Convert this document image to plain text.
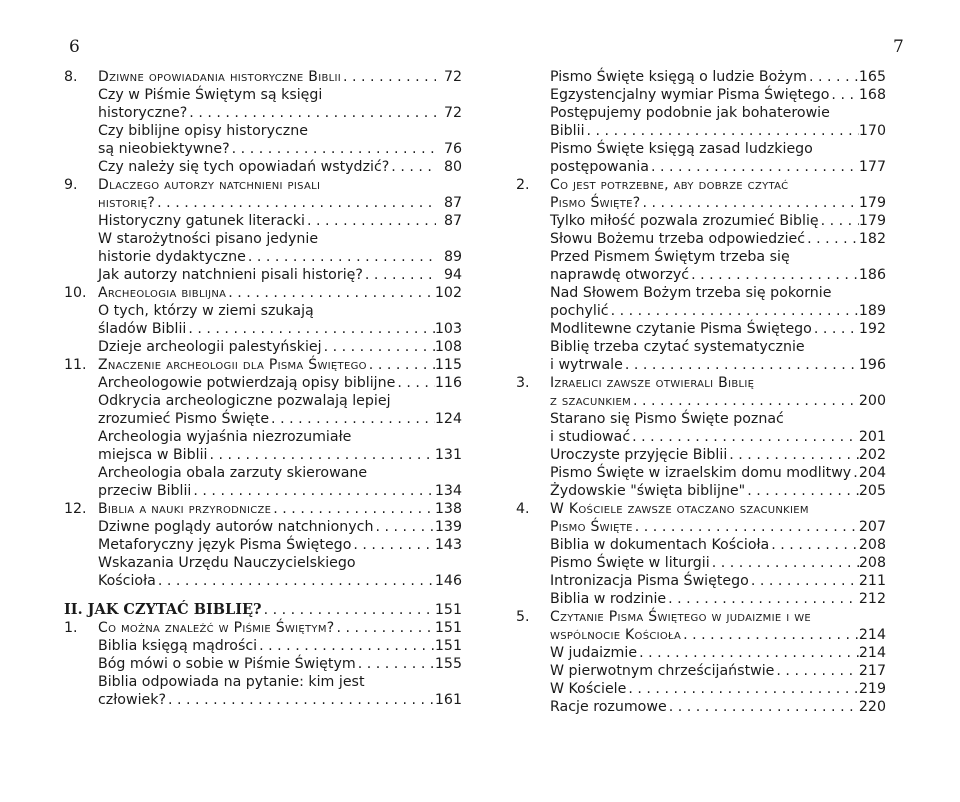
6
8.	Dziwne opowiadania historyczne Biblii . . .	72
Czy w Piśmie Świętym są księgi
historyczne? . . .	72
Czy biblijne opisy historyczne
są nieobiektywne? . . .	76
Czy należy się tych opowiadań wstydzić? . . .	80
9.	Dlaczego autorzy natchnieni pisali
historię? . . .	87
Historyczny gatunek literacki . . .	87
W starożytności pisano jedynie
historie dydaktyczne . . .	89
Jak autorzy natchnieni pisali historię? . . .	94
10. Archeologia biblijna . . .	102
O tych, którzy w ziemi szukają
śladów Biblii . . .	103
Dzieje archeologii palestyńskiej . . .	108
11. Znaczenie archeologii dla Pisma Świętego . . .	115
Archeologowie potwierdzają opisy biblijne . . .	116
Odkrycia archeologiczne pozwalają lepiej
zrozumieć Pismo Święte . . .	124
Archeologia wyjaśnia niezrozumiałe
miejsca w Biblii . . .	131
Archeologia obala zarzuty skierowane
przeciw Biblii . . .	134
12. Biblia a nauki przyrodnicze . . .	138
Dziwne poglądy autorów natchnionych . . .	139
Metaforyczny język Pisma Świętego . . .	143
Wskazania Urzędu Nauczycielskiego
Kościoła . . .	146
II. JAK CZYTAĆ BIBLIĘ? . . .	151
1.	Co można znaleźć w Piśmie Świętym? . . .	151
Biblia księgą mądrości . . .	151
Bóg mówi o sobie w Piśmie Świętym . . .	155
Biblia odpowiada na pytanie: kim jest
człowiek? . . .	161
7
Pismo Święte księgą o ludzie Bożym . . .	165
Egzystencjalny wymiar Pisma Świętego . . . 168
Postępujemy podobnie jak bohaterowie
Biblii . . .	170
Pismo Święte księgą zasad ludzkiego
postępowania . . .	177
2.	Co jest potrzebne, aby dobrze czytać
Pismo Święte? . . .	179
Tylko miłość pozwala zrozumieć Biblię . . .	179
Słowu Bożemu trzeba odpowiedzieć . . .	182
Przed Pismem Świętym trzeba się
naprawdę otworzyć . . .	186
Nad Słowem Bożym trzeba się pokornie
pochylić . . .	189
Modlitewne czytanie Pisma Świętego . . .	192
Biblię trzeba czytać systematycznie
i wytrwale . . .	196
3.	Izraelici zawsze otwierali Biblię
z szacunkiem . . .	200
Starano się Pismo Święte poznać
i studiować . . .	201
Uroczyste przyjęcie Biblii . . .	202
Pismo Święte w izraelskim domu modlitwy . . . 204
Żydowskie "święta biblijne" . . .	205
4.	W Kościele zawsze otaczano szacunkiem
Pismo Święte . . .	207
Biblia w dokumentach Kościoła . . .	208
Pismo Święte w liturgii . . .	208
Intronizacja Pisma Świętego . . .	211
Biblia w rodzinie . . .	212
5.	Czytanie Pisma Świętego w judaizmie i we
wspólnocie Kościoła . . .	214
W judaizmie . . .	214
W pierwotnym chrześcijaństwie . . .	217
W Kościele . . .	219
Racje rozumowe . . .	220
